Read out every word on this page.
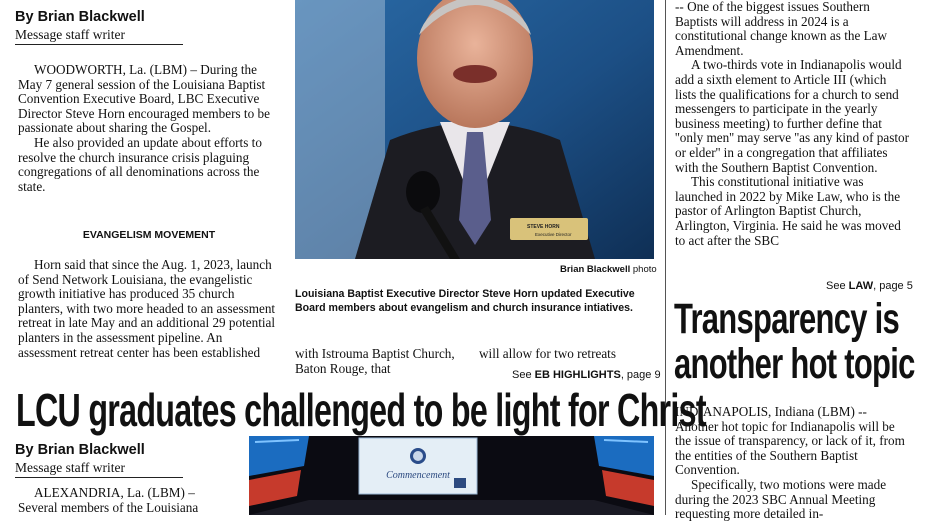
By Brian Blackwell
Message staff writer

WOODWORTH, La. (LBM) – During the May 7 general session of the Louisiana Baptist Convention Executive Board, LBC Executive Director Steve Horn encouraged members to be passionate about sharing the Gospel.

He also provided an update about efforts to resolve the church insurance crisis plaguing congregations of all denominations across the state.

EVANGELISM MOVEMENT

Horn said that since the Aug. 1, 2023, launch of Send Network Louisiana, the evangelistic growth initiative has produced 35 church planters, with two more headed to an assessment retreat in late May and an additional 29 potential planters in the assessment pipeline. An assessment retreat center has been established	with Istrouma Baptist Church, Baton Rouge, that
will allow for two retreats
See EB HIGHLIGHTS, page 9
STEVE HORN
Executive Director
Brian Blackwell photo
Louisiana Baptist Executive Director Steve Horn updated Executive Board members about evangelism and church insurance intiatives.

-- One of the biggest issues Southern Baptists will address in 2024 is a constitutional change known as the Law Amendment.

A two-thirds vote in Indianapolis would add a sixth element to Article III (which lists the qualifications for a church to send messengers to participate in the yearly business meeting) to further define that ''only men'' may serve ''as any kind of pastor or elder'' in a congregation that affiliates with the Southern Baptist Convention.

This constitutional initiative was launched in 2022 by Mike Law, who is the pastor of Arlington Baptist Church, Arlington, Virginia. He said he was moved to act after the SBC

See LAW, page 5
Transparency is
another hot topic

INDIANAPOLIS, Indiana (LBM) -- Another hot topic for Indianapolis will be the issue of transparency, or lack of it, from the entities of the Southern Baptist Convention.

Specifically, two motions were made during the 2023 SBC Annual Meeting requesting more detailed in-

LCU graduates challenged to be light for Christ
By Brian Blackwell
Message staff writer

ALEXANDRIA, La. (LBM) – Several members of the Louisiana

Commencement
